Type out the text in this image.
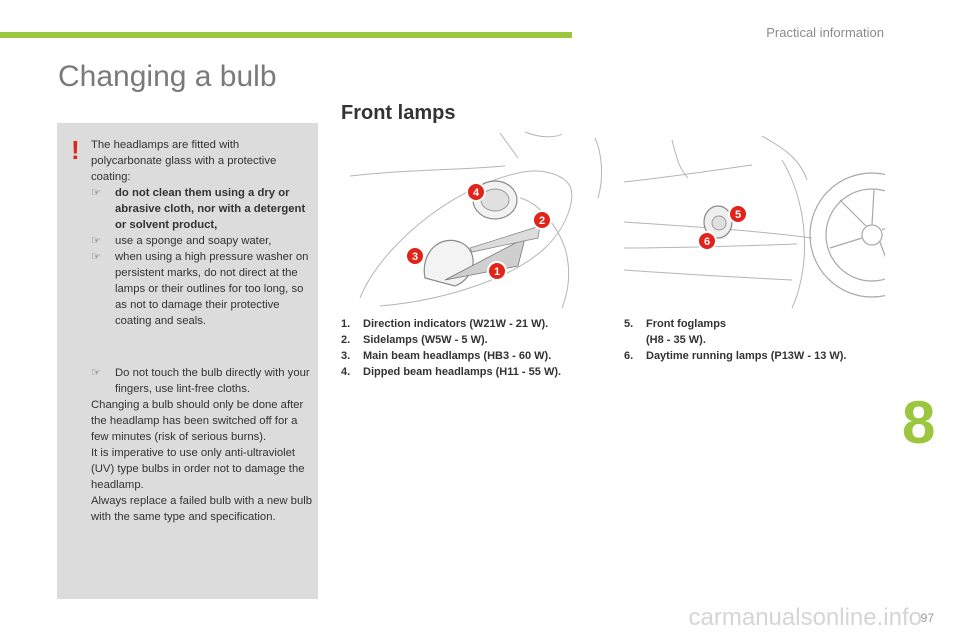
Practical information
Changing a bulb
! The headlamps are fitted with polycarbonate glass with a protective coating:

☞ do not clean them using a dry or abrasive cloth, nor with a detergent or solvent product,

☞ use a sponge and soapy water,

☞ when using a high pressure washer on persistent marks, do not direct at the lamps or their outlines for too long, so as not to damage their protective coating and seals.

☞ Do not touch the bulb directly with your fingers, use lint-free cloths.

Changing a bulb should only be done after the headlamp has been switched off for a few minutes (risk of serious burns).

It is imperative to use only anti-ultraviolet (UV) type bulbs in order not to damage the headlamp.

Always replace a failed bulb with a new bulb with the same type and specification.

Front lamps
4
2
3
1
5
6
1. Direction indicators (W21W - 21 W).
2. Sidelamps (W5W - 5 W).
3. Main beam headlamps (HB3 - 60 W).
4. Dipped beam headlamps (H11 - 55 W).
5. Front foglamps
(H8 - 35 W).
6. Daytime running lamps (P13W - 13 W).
8
97
carmanualsonline.info
